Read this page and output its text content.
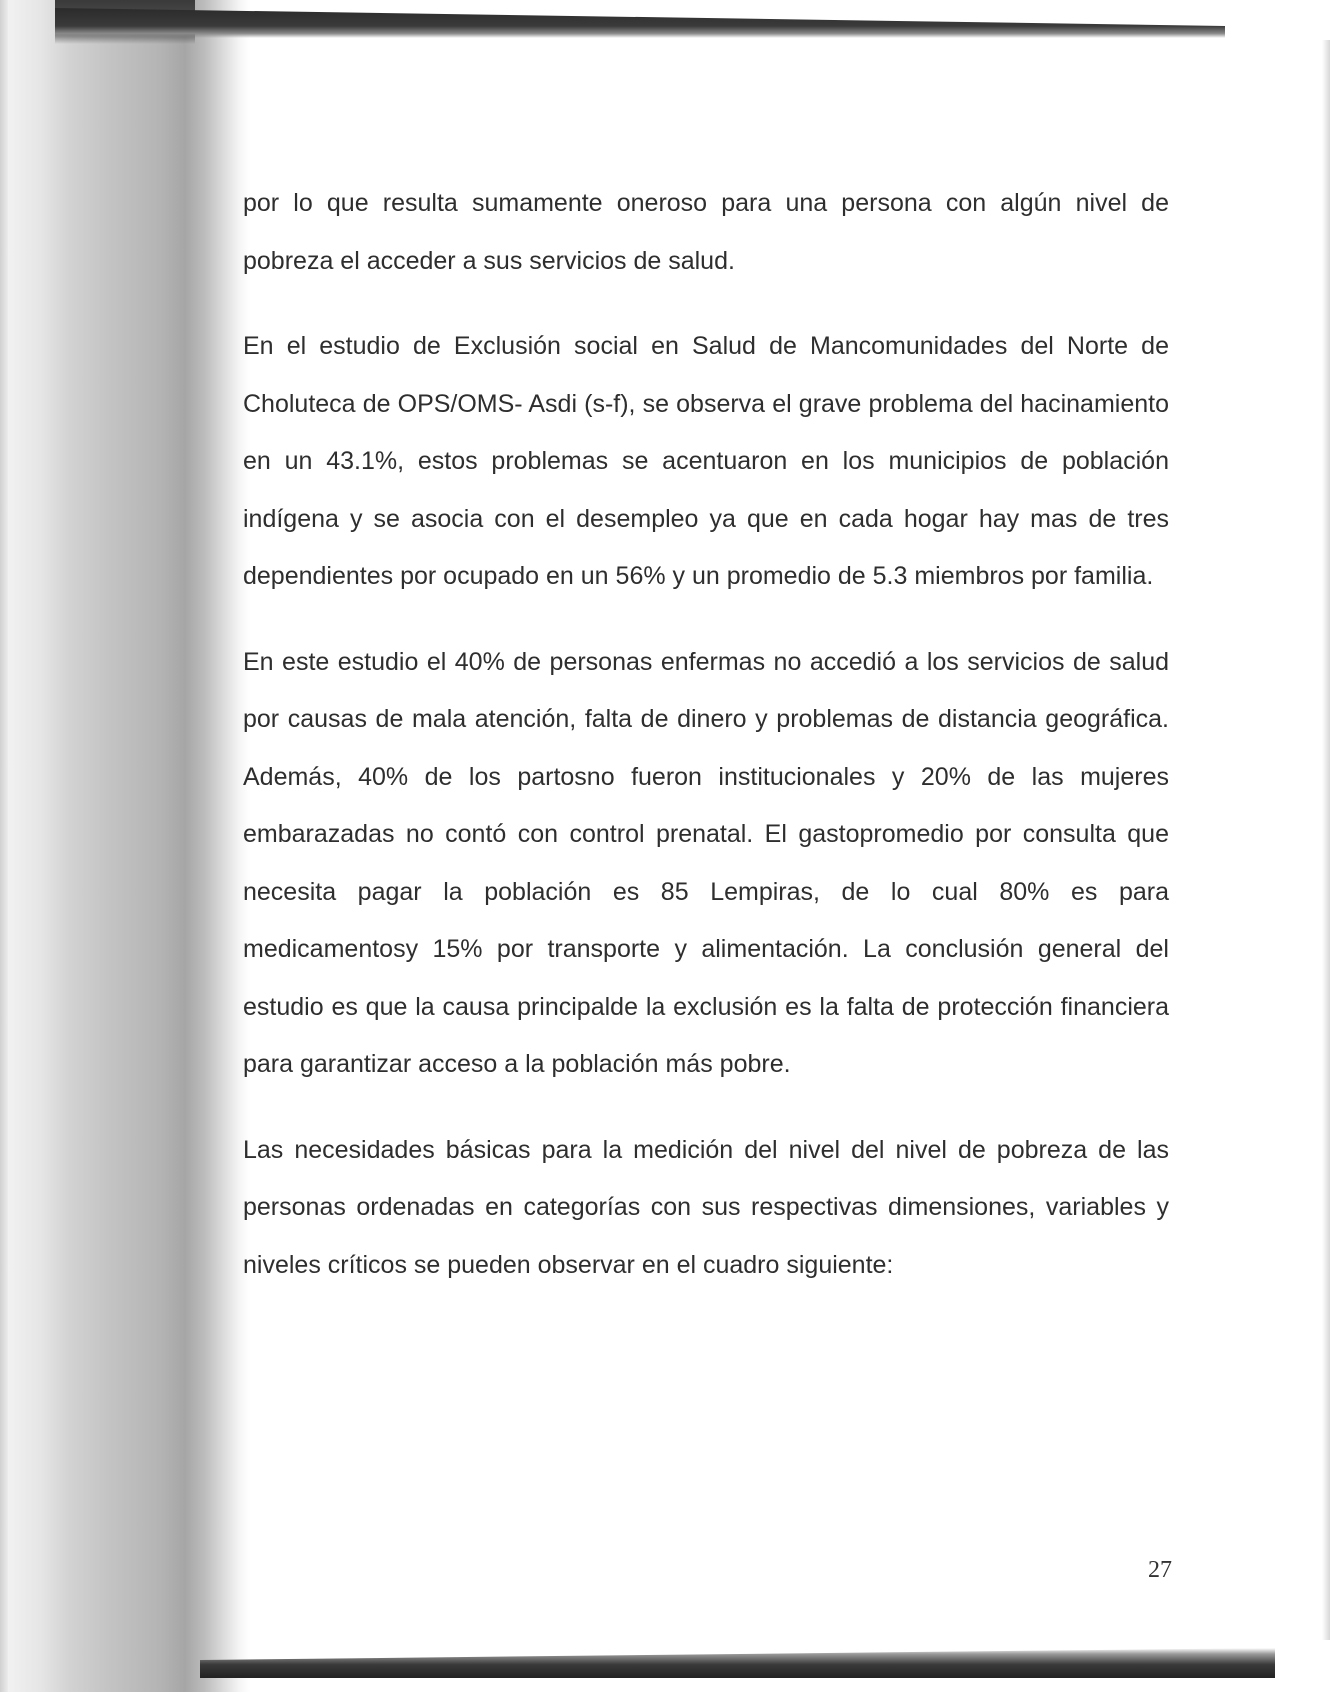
por lo que resulta sumamente oneroso para una persona con algún nivel de pobreza el acceder a sus servicios de salud.

En el estudio de Exclusión social en Salud de Mancomunidades del Norte de Choluteca de OPS/OMS- Asdi (s-f), se observa el grave problema del hacinamiento en un 43.1%, estos problemas se acentuaron en los municipios de población indígena y se asocia con el desempleo ya que en cada hogar hay mas de tres dependientes por ocupado en un 56% y un promedio de 5.3 miembros por familia.

En este estudio el 40% de personas enfermas no accedió a los servicios de salud por causas de mala atención, falta de dinero y problemas de distancia geográfica. Además, 40% de los partosno fueron institucionales y 20% de las mujeres embarazadas no contó con control prenatal. El gastopromedio por consulta que necesita pagar la población es 85 Lempiras, de lo cual 80% es para medicamentosy 15% por transporte y alimentación. La conclusión general del estudio es que la causa principalde la exclusión es la falta de protección financiera para garantizar acceso a la población más pobre.

Las necesidades básicas para la medición del nivel del nivel de pobreza de las personas ordenadas en categorías con sus respectivas dimensiones, variables y niveles críticos se pueden observar en el cuadro siguiente:

27
